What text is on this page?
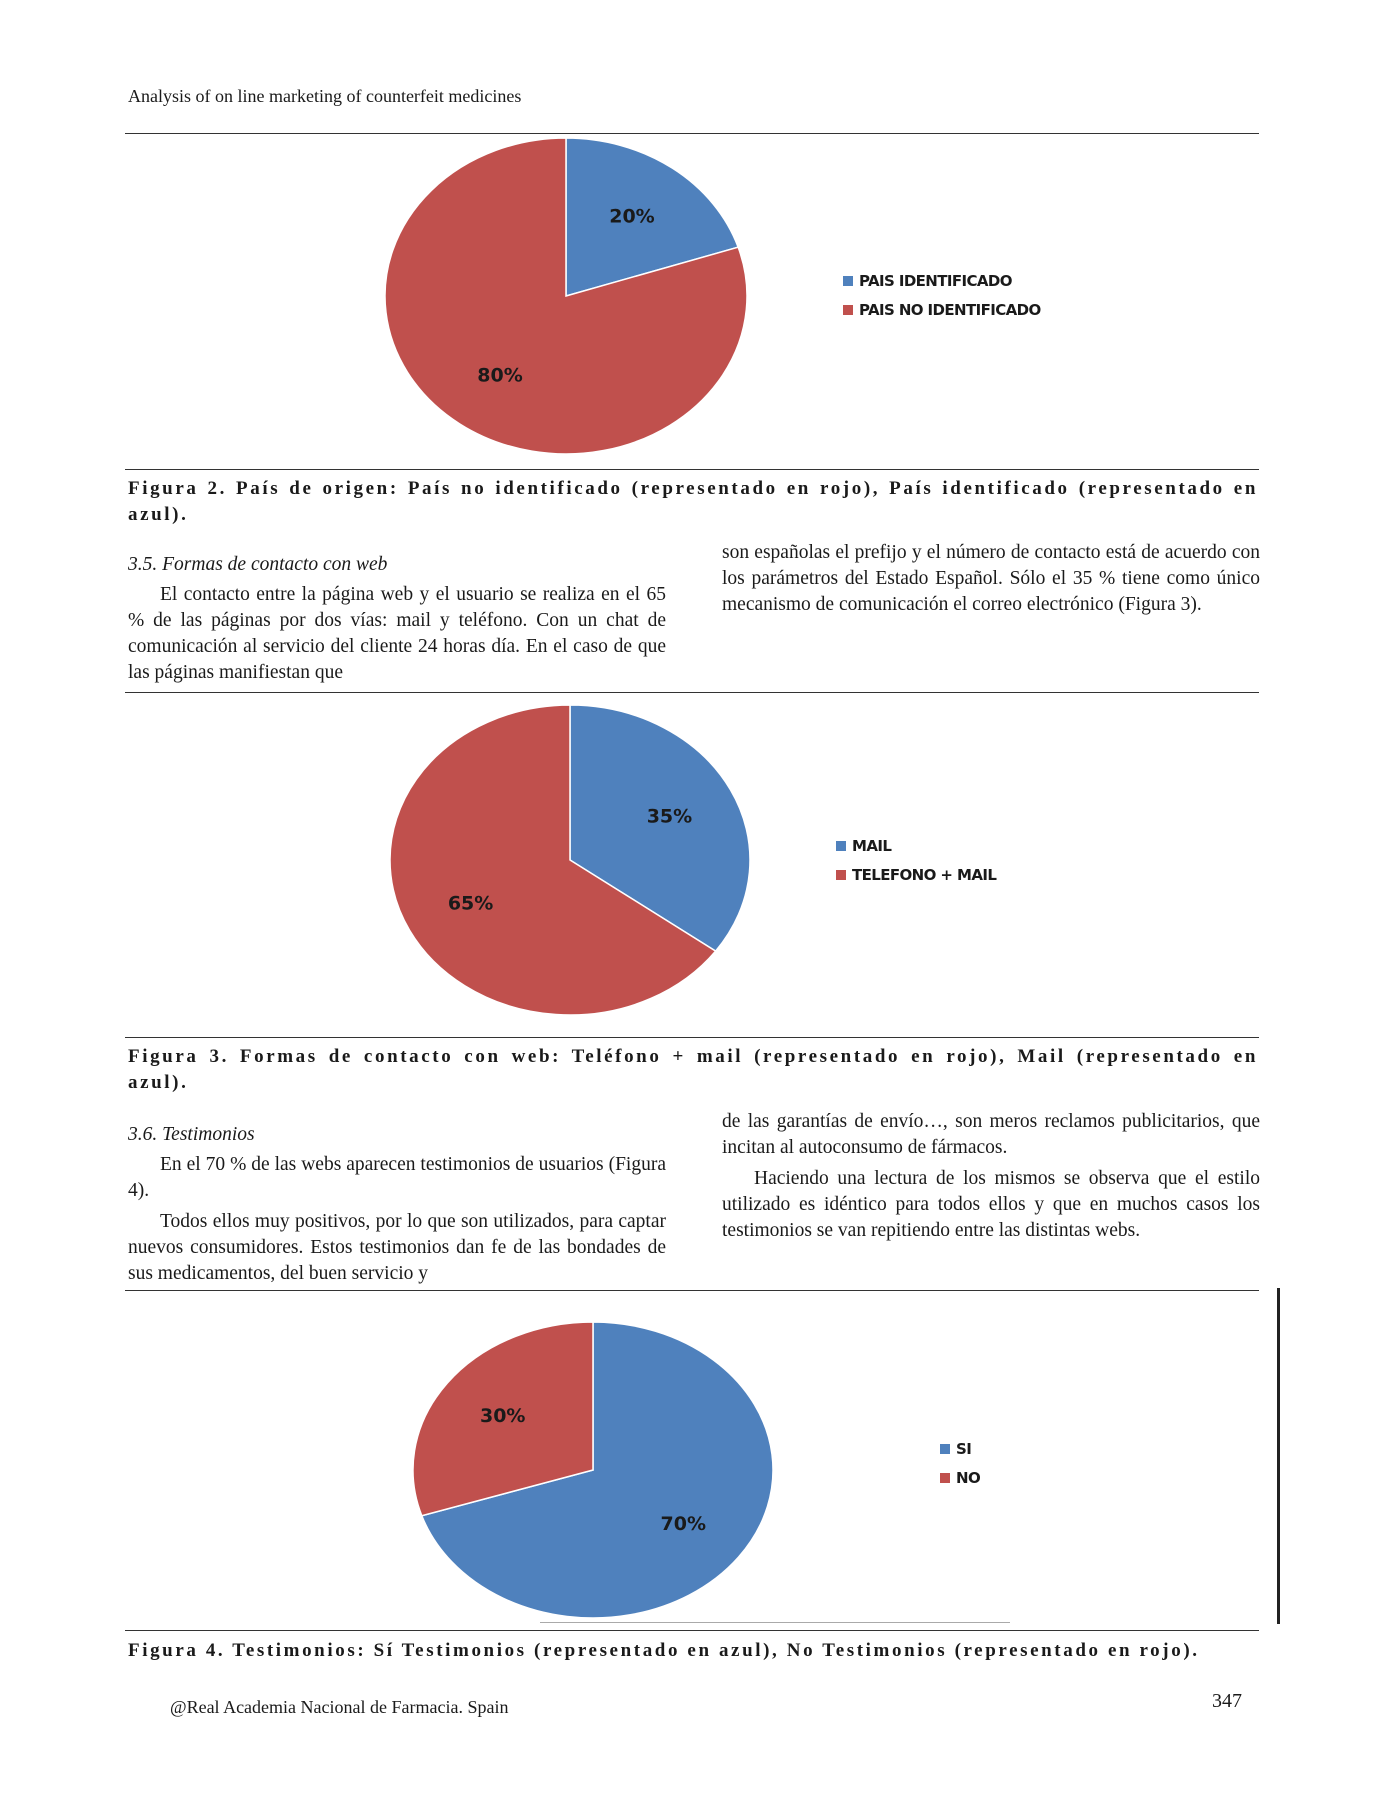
Analysis of on line marketing of counterfeit medicines
20%
80%
PAIS IDENTIFICADO
PAIS NO IDENTIFICADO
Figura 2. País de origen: País no identificado (representado en rojo), País identificado (representado en azul).

3.5. Formas de contacto con web

El contacto entre la página web y el usuario se realiza en el 65 % de las páginas por dos vías: mail y teléfono. Con un chat de comunicación al servicio del cliente 24 horas día. En el caso de que las páginas manifiestan que

son españolas el prefijo y el número de contacto está de acuerdo con los parámetros del Estado Español. Sólo el 35 % tiene como único mecanismo de comunicación el correo electrónico (Figura 3).

35%
65%
MAIL
TELEFONO + MAIL
Figura 3. Formas de contacto con web: Teléfono + mail (representado en rojo), Mail (representado en azul).

3.6. Testimonios

En el 70 % de las webs aparecen testimonios de usuarios (Figura 4).

Todos ellos muy positivos, por lo que son utilizados, para captar nuevos consumidores. Estos testimonios dan fe de las bondades de sus medicamentos, del buen servicio y

de las garantías de envío…, son meros reclamos publicitarios, que incitan al autoconsumo de fármacos.

Haciendo una lectura de los mismos se observa que el estilo utilizado es idéntico para todos ellos y que en muchos casos los testimonios se van repitiendo entre las distintas webs.

70%
30%
SI
NO
Figura 4. Testimonios: Sí Testimonios (representado en azul), No Testimonios (representado en rojo).
@Real Academia Nacional de Farmacia. Spain	347
